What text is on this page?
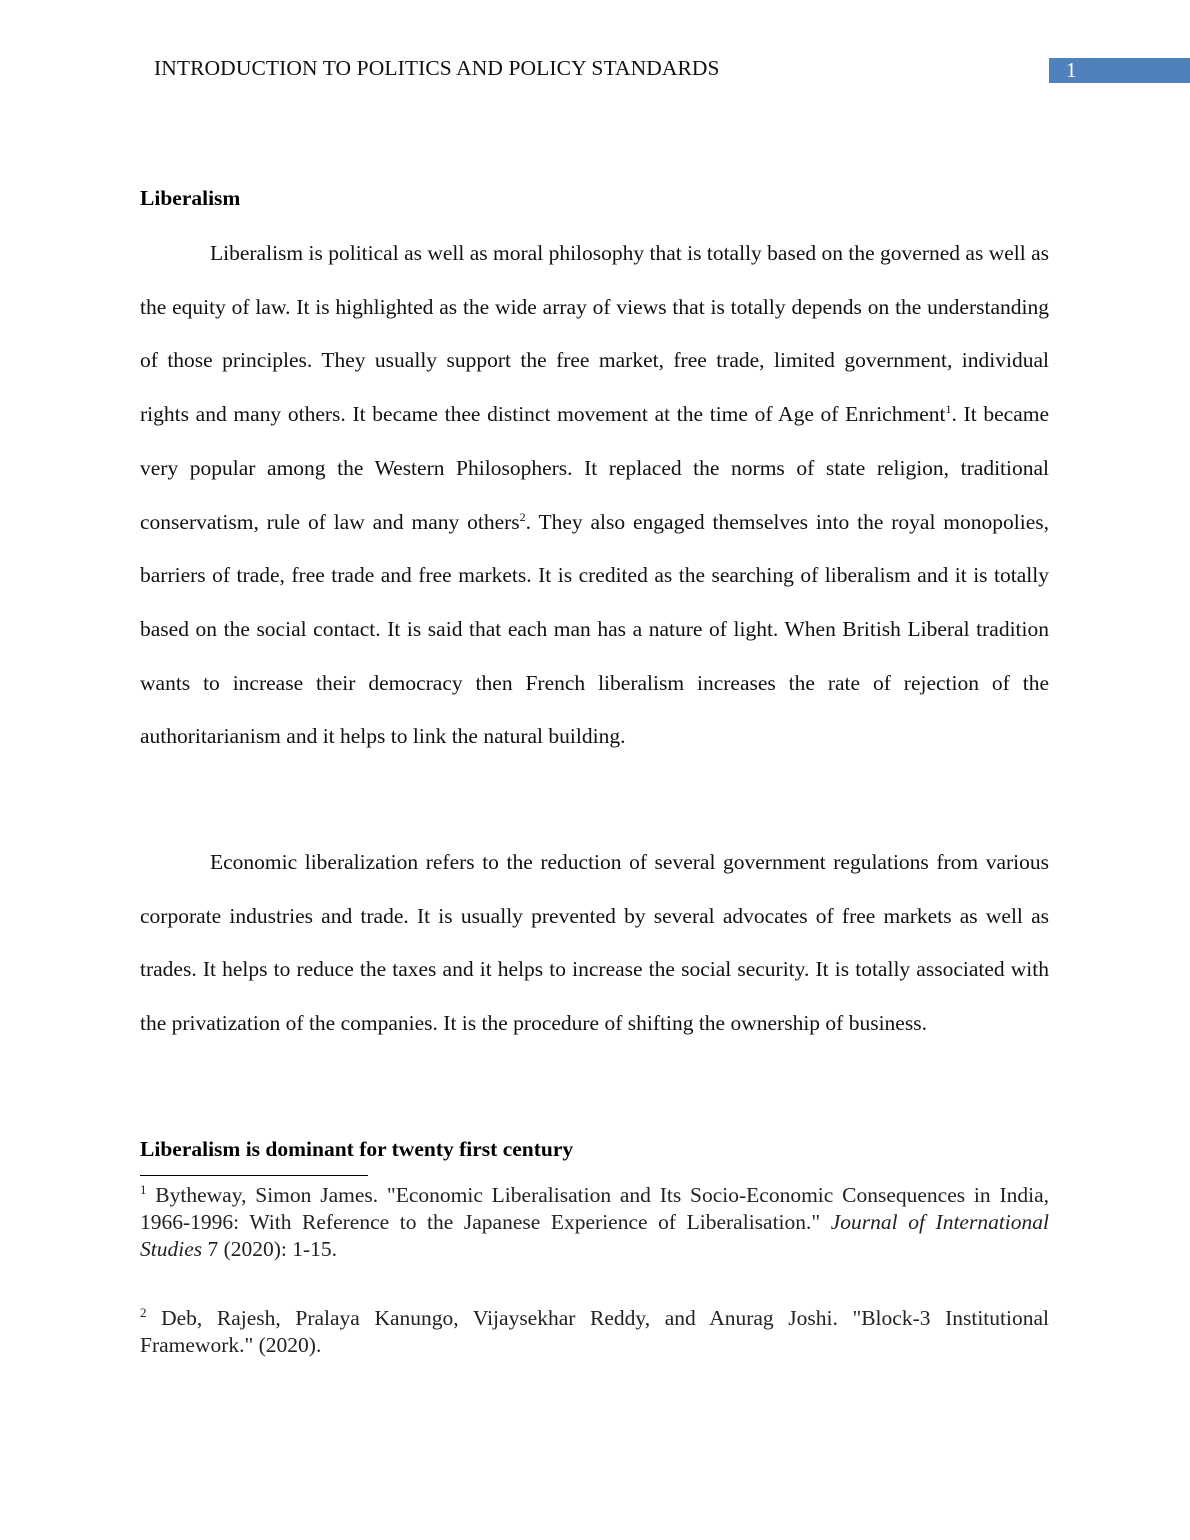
INTRODUCTION TO POLITICS AND POLICY STANDARDS	1
Liberalism

Liberalism is political as well as moral philosophy that is totally based on the governed as well as the equity of law. It is highlighted as the wide array of views that is totally depends on the understanding of those principles. They usually support the free market, free trade, limited government, individual rights and many others. It became thee distinct movement at the time of Age of Enrichment$^1$. It became very popular among the Western Philosophers. It replaced the norms of state religion, traditional conservatism, rule of law and many others$^2$. They also engaged themselves into the royal monopolies, barriers of trade, free trade and free markets. It is credited as the searching of liberalism and it is totally based on the social contact. It is said that each man has a nature of light. When British Liberal tradition wants to increase their democracy then French liberalism increases the rate of rejection of the authoritarianism and it helps to link the natural building.

Economic liberalization refers to the reduction of several government regulations from various corporate industries and trade. It is usually prevented by several advocates of free markets as well as trades. It helps to reduce the taxes and it helps to increase the social security. It is totally associated with the privatization of the companies. It is the procedure of shifting the ownership of business.

Liberalism is dominant for twenty first century

$^1$ Bytheway, Simon James. "Economic Liberalisation and Its Socio-Economic Consequences in India, 1966-1996: With Reference to the Japanese Experience of Liberalisation." Journal of International Studies 7 (2020): 1-15.

$^2$ Deb, Rajesh, Pralaya Kanungo, Vijaysekhar Reddy, and Anurag Joshi. "Block-3 Institutional Framework." (2020).
